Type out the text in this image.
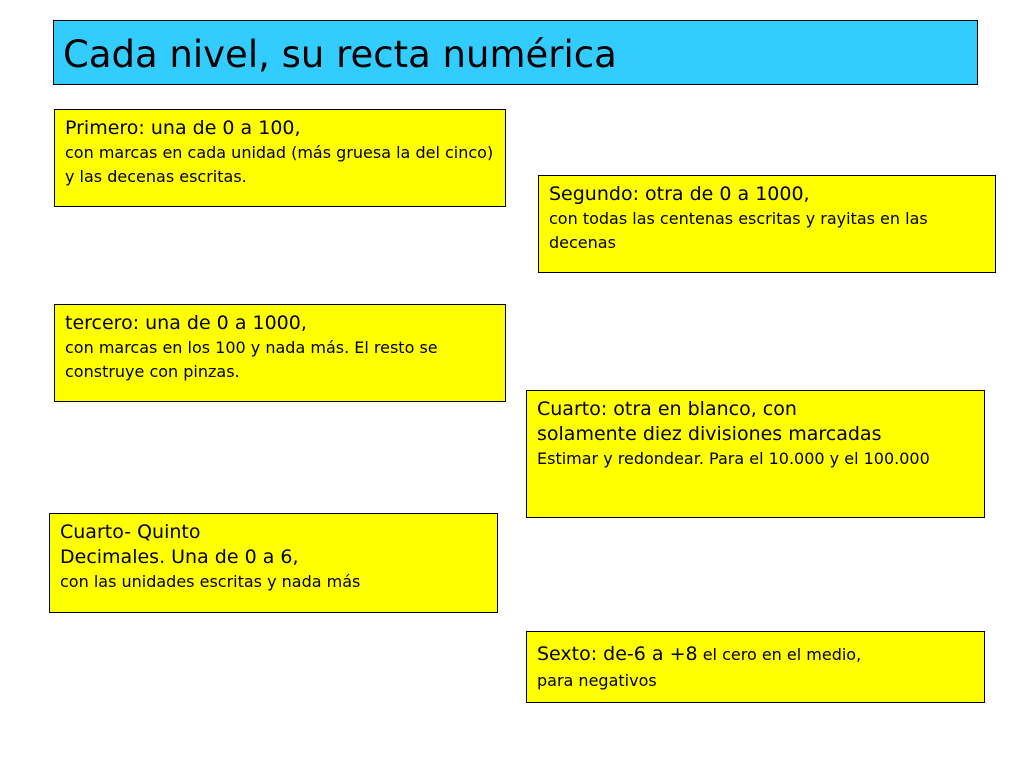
Cada nivel, su recta numérica
Primero: una de 0 a 100,
con marcas en cada unidad (más gruesa la del cinco) y las decenas escritas.
Segundo: otra de 0 a 1000,
con todas las centenas escritas y rayitas en las decenas
tercero: una de 0 a 1000,
con marcas en los 100 y nada más. El resto se construye con pinzas.
Cuarto: otra en blanco, con
solamente diez divisiones marcadas
Estimar y redondear. Para el 10.000 y el 100.000
Cuarto- Quinto
Decimales. Una de 0 a 6,
con las unidades escritas y nada más
Sexto: de-6 a +8 el cero en el medio,
para negativos
